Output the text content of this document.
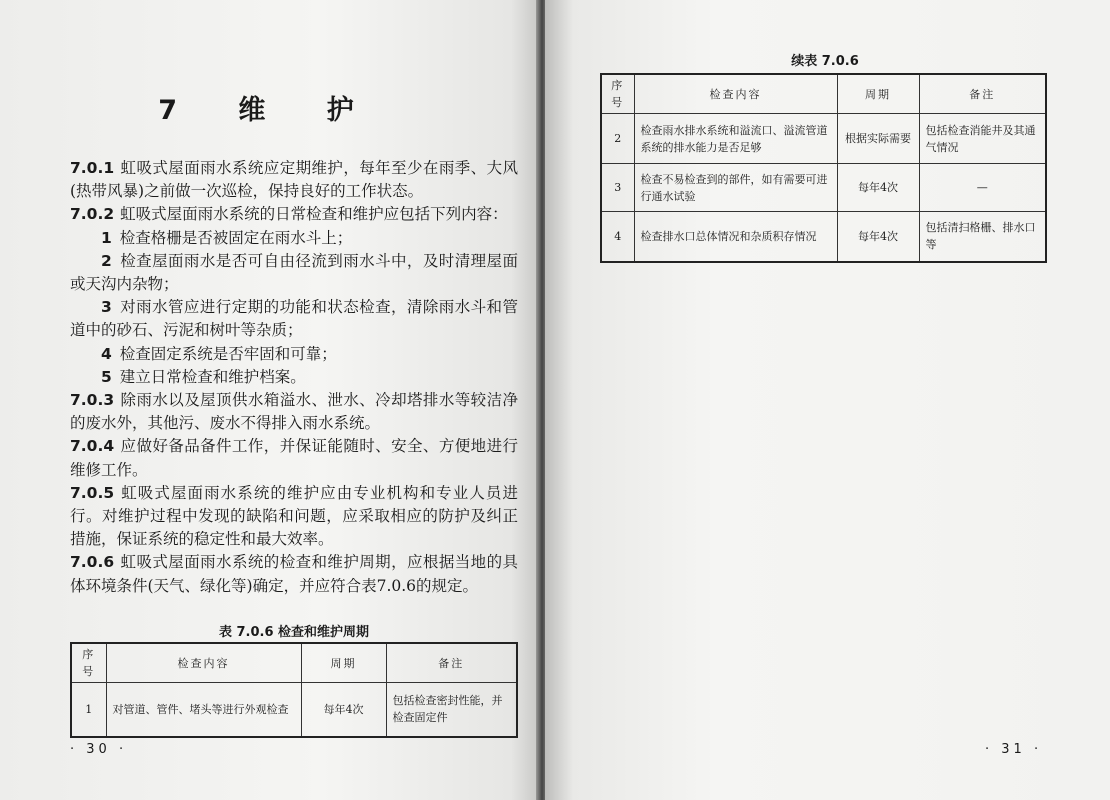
7 维 护

7.0.1 虹吸式屋面雨水系统应定期维护，每年至少在雨季、大风(热带风暴)之前做一次巡检，保持良好的工作状态。

7.0.2 虹吸式屋面雨水系统的日常检查和维护应包括下列内容：

1 检查格栅是否被固定在雨水斗上；

2 检查屋面雨水是否可自由径流到雨水斗中，及时清理屋面或天沟内杂物；

3 对雨水管应进行定期的功能和状态检查，清除雨水斗和管道中的砂石、污泥和树叶等杂质；

4 检查固定系统是否牢固和可靠；

5 建立日常检查和维护档案。

7.0.3 除雨水以及屋顶供水箱溢水、泄水、冷却塔排水等较洁净的废水外，其他污、废水不得排入雨水系统。

7.0.4 应做好备品备件工作，并保证能随时、安全、方便地进行维修工作。

7.0.5 虹吸式屋面雨水系统的维护应由专业机构和专业人员进行。对维护过程中发现的缺陷和问题，应采取相应的防护及纠正措施，保证系统的稳定性和最大效率。

7.0.6 虹吸式屋面雨水系统的检查和维护周期，应根据当地的具体环境条件(天气、绿化等)确定，并应符合表7.0.6的规定。

表 7.0.6 检查和维护周期
序号	检查内容	周期	备注
1	对管道、管件、堵头等进行外观检查	每年4次	包括检查密封性能，并检查固定件
· 30 ·
续表 7.0.6
序号	检查内容	周期	备注
2	检查雨水排水系统和溢流口、溢流管道系统的排水能力是否足够	根据实际需要	包括检查消能井及其通气情况
3	检查不易检查到的部件，如有需要可进行通水试验	每年4次	—
4	检查排水口总体情况和杂质积存情况	每年4次	包括清扫格栅、排水口等
· 31 ·
